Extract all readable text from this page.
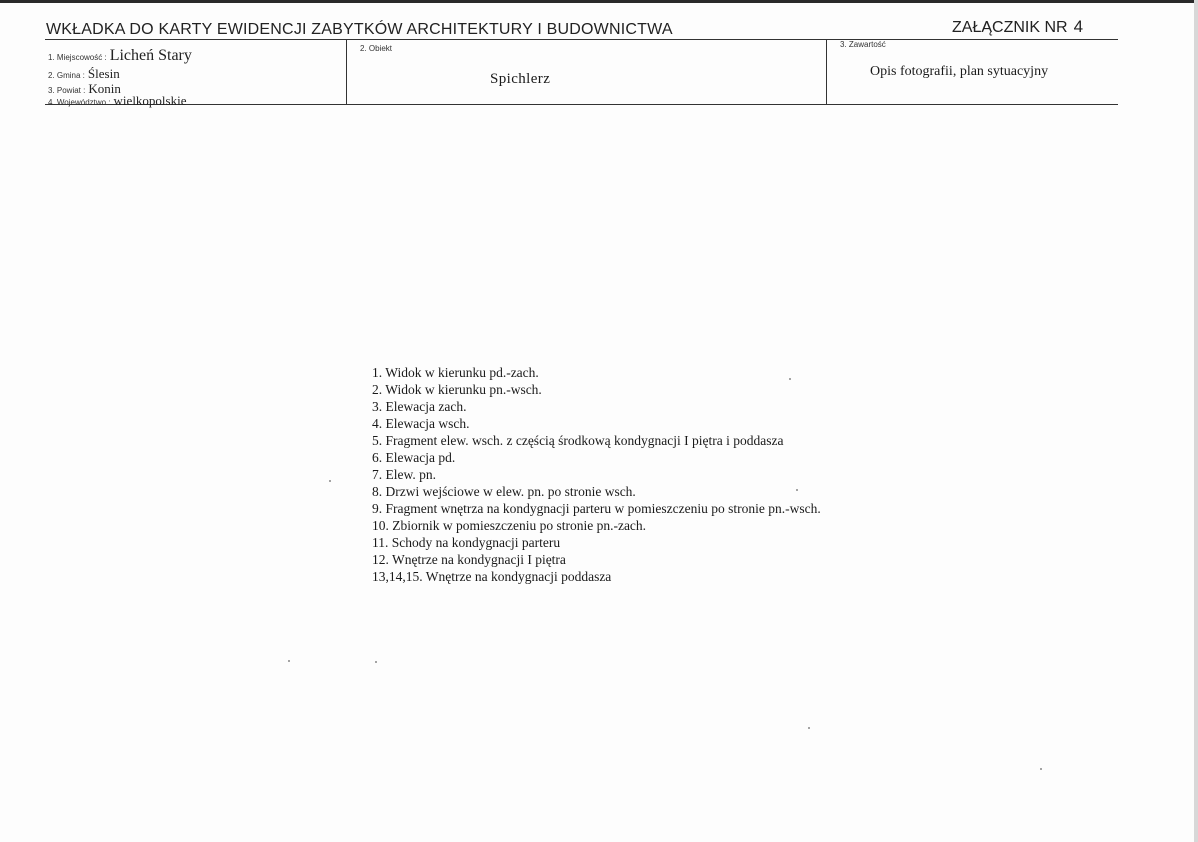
WKŁADKA DO KARTY EWIDENCJI ZABYTKÓW ARCHITEKTURY I BUDOWNICTWA	ZAŁĄCZNIK NR 4
1. Miejscowość : Licheń Stary
2. Gmina : Ślesin
3. Powiat : Konin
4. Województwo : wielkopolskie
2. Obiekt
Spichlerz
3. Zawartość
Opis fotografii, plan sytuacyjny
1. Widok w kierunku pd.-zach.
2. Widok w kierunku pn.-wsch.
3. Elewacja zach.
4. Elewacja wsch.
5. Fragment elew. wsch. z częścią środkową kondygnacji I piętra i poddasza
6. Elewacja pd.
7. Elew. pn.
8. Drzwi wejściowe w elew. pn. po stronie wsch.
9. Fragment wnętrza na kondygnacji parteru w pomieszczeniu po stronie pn.-wsch.
10. Zbiornik w pomieszczeniu po stronie pn.-zach.
11. Schody na kondygnacji parteru
12. Wnętrze na kondygnacji I piętra
13,14,15. Wnętrze na kondygnacji poddasza
